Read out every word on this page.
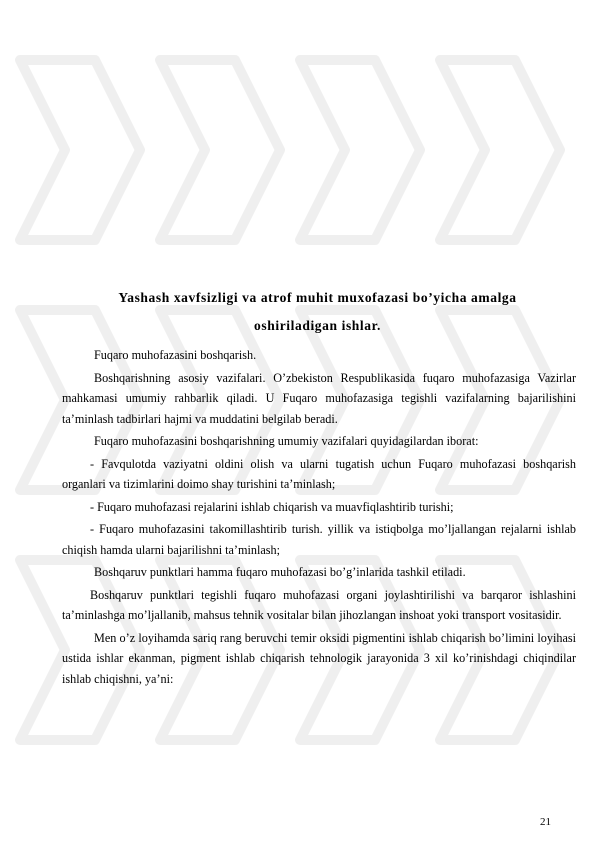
Yashash xavfsizligi va atrof muhit muxofazasi bo’yicha amalga
oshiriladigan ishlar.

Fuqaro muhofazasini boshqarish.

Boshqarishning asosiy vazifalari. O’zbekiston Respublikasida fuqaro muhofazasiga Vazirlar mahkamasi umumiy rahbarlik qiladi. U Fuqaro muhofazasiga tegishli vazifalarning bajarilishini ta’minlash tadbirlari hajmi va muddatini belgilab beradi.

Fuqaro muhofazasini boshqarishning umumiy vazifalari quyidagilardan iborat:

- Favqulotda vaziyatni oldini olish va ularni tugatish uchun Fuqaro muhofazasi boshqarish organlari va tizimlarini doimo shay turishini ta’minlash;

- Fuqaro muhofazasi rejalarini ishlab chiqarish va muavfiqlashtirib turishi;

- Fuqaro muhofazasini takomillashtirib turish. yillik va istiqbolga mo’ljallangan rejalarni ishlab chiqish hamda ularni bajarilishni ta’minlash;

Boshqaruv punktlari hamma fuqaro muhofazasi bo’g’inlarida tashkil etiladi.

Boshqaruv punktlari tegishli fuqaro muhofazasi organi joylashtirilishi va barqaror ishlashini ta’minlashga mo’ljallanib, mahsus tehnik vositalar bilan jihozlangan inshoat yoki transport vositasidir.

Men o’z loyihamda sariq rang beruvchi temir oksidi pigmentini ishlab chiqarish bo’limini loyihasi ustida ishlar ekanman, pigment ishlab chiqarish tehnologik jarayonida 3 xil ko’rinishdagi chiqindilar ishlab chiqishni, ya’ni:

21
